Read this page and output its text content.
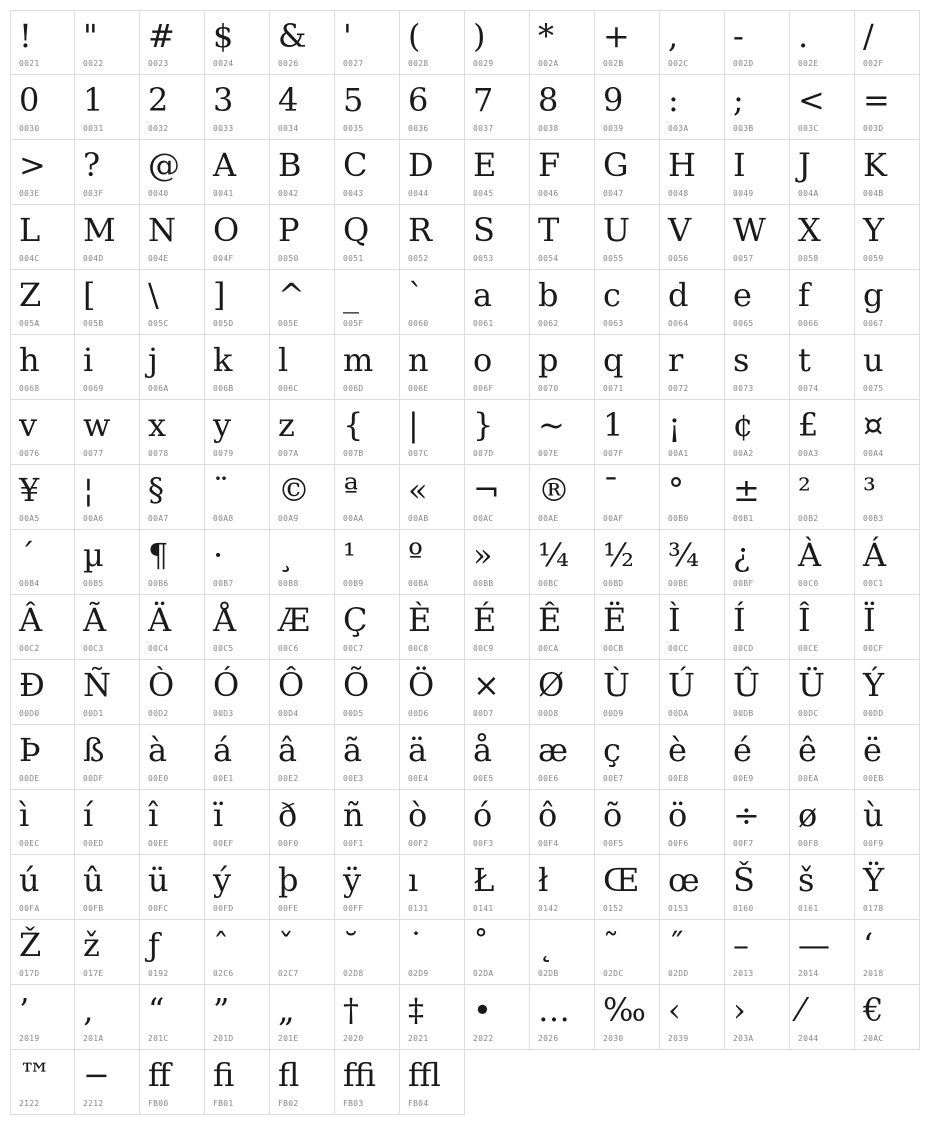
!
0021
"
0022
#
0023
$
0024
&
0026
'
0027
(
0028
)
0029
*
002A
+
002B
,
002C
-
002D
.
002E
/
002F
0
0030
1
0031
2
0032
3
0033
4
0034
5
0035
6
0036
7
0037
8
0038
9
0039
:
003A
;
003B
<
003C
=
003D
>
003E
?
003F
@
0040
A
0041
B
0042
C
0043
D
0044
E
0045
F
0046
G
0047
H
0048
I
0049
J
004A
K
004B
L
004C
M
004D
N
004E
O
004F
P
0050
Q
0051
R
0052
S
0053
T
0054
U
0055
V
0056
W
0057
X
0058
Y
0059
Z
005A
[
005B
\
005C
]
005D
^
005E
_
005F
`
0060
a
0061
b
0062
c
0063
d
0064
e
0065
f
0066
g
0067
h
0068
i
0069
j
006A
k
006B
l
006C
m
006D
n
006E
o
006F
p
0070
q
0071
r
0072
s
0073
t
0074
u
0075
v
0076
w
0077
x
0078
y
0079
z
007A
{
007B
|
007C
}
007D
~
007E
1
007F
¡
00A1
¢
00A2
£
00A3
¤
00A4
¥
00A5
¦
00A6
§
00A7
¨
00A8
©
00A9
ª
00AA
«
00AB
¬
00AC
®
00AE
¯
00AF
°
00B0
±
00B1
²
00B2
³
00B3
´
00B4
µ
00B5
¶
00B6
·
00B7
¸
00B8
¹
00B9
º
00BA
»
00BB
¼
00BC
½
00BD
¾
00BE
¿
00BF
À
00C0
Á
00C1
Â
00C2
Ã
00C3
Ä
00C4
Å
00C5
Æ
00C6
Ç
00C7
È
00C8
É
00C9
Ê
00CA
Ë
00CB
Ì
00CC
Í
00CD
Î
00CE
Ï
00CF
Ð
00D0
Ñ
00D1
Ò
00D2
Ó
00D3
Ô
00D4
Õ
00D5
Ö
00D6
×
00D7
Ø
00D8
Ù
00D9
Ú
00DA
Û
00DB
Ü
00DC
Ý
00DD
Þ
00DE
ß
00DF
à
00E0
á
00E1
â
00E2
ã
00E3
ä
00E4
å
00E5
æ
00E6
ç
00E7
è
00E8
é
00E9
ê
00EA
ë
00EB
ì
00EC
í
00ED
î
00EE
ï
00EF
ð
00F0
ñ
00F1
ò
00F2
ó
00F3
ô
00F4
õ
00F5
ö
00F6
÷
00F7
ø
00F8
ù
00F9
ú
00FA
û
00FB
ü
00FC
ý
00FD
þ
00FE
ÿ
00FF
ı
0131
Ł
0141
ł
0142
Œ
0152
œ
0153
Š
0160
š
0161
Ÿ
0178
Ž
017D
ž
017E
ƒ
0192
ˆ
02C6
ˇ
02C7
˘
02D8
˙
02D9
˚
02DA
˛
02DB
˜
02DC
˝
02DD
–
2013
—
2014
‘
2018
’
2019
‚
201A
“
201C
”
201D
„
201E
†
2020
‡
2021
•
2022
…
2026
‰
2030
‹
2039
›
203A
⁄
2044
€
20AC
™
2122
−
2212
ﬀ
FB00
ﬁ
FB01
ﬂ
FB02
ﬃ
FB03
ﬄ
FB04
